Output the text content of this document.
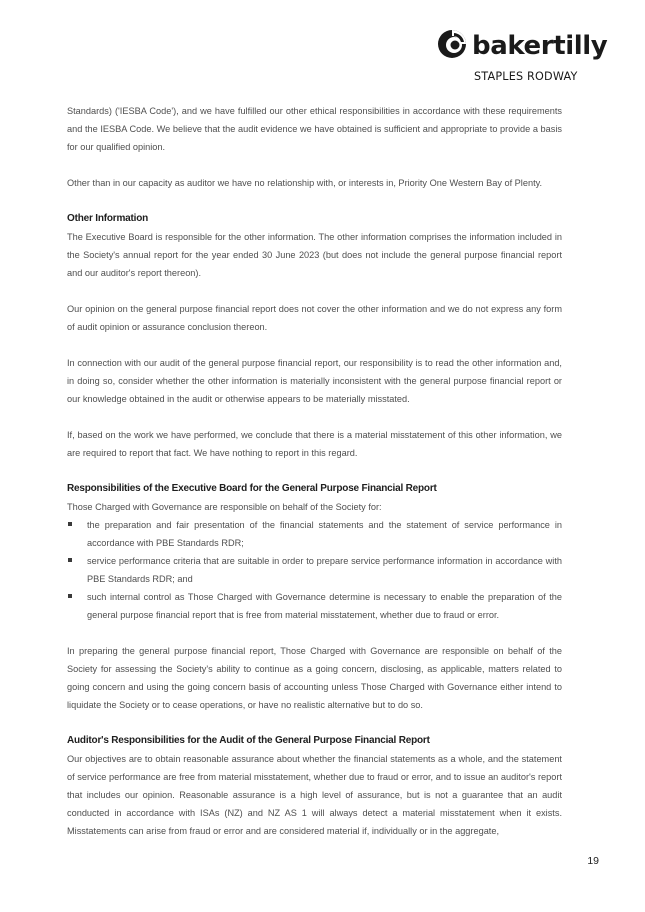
bakertilly
STAPLES RODWAY

Standards) ('IESBA Code'), and we have fulfilled our other ethical responsibilities in accordance with these requirements and the IESBA Code. We believe that the audit evidence we have obtained is sufficient and appropriate to provide a basis for our qualified opinion.

Other than in our capacity as auditor we have no relationship with, or interests in, Priority One Western Bay of Plenty.

Other Information

The Executive Board is responsible for the other information. The other information comprises the information included in the Society's annual report for the year ended 30 June 2023 (but does not include the general purpose financial report and our auditor's report thereon).

Our opinion on the general purpose financial report does not cover the other information and we do not express any form of audit opinion or assurance conclusion thereon.

In connection with our audit of the general purpose financial report, our responsibility is to read the other information and, in doing so, consider whether the other information is materially inconsistent with the general purpose financial report or our knowledge obtained in the audit or otherwise appears to be materially misstated.

If, based on the work we have performed, we conclude that there is a material misstatement of this other information, we are required to report that fact. We have nothing to report in this regard.

Responsibilities of the Executive Board for the General Purpose Financial Report

Those Charged with Governance are responsible on behalf of the Society for:

the preparation and fair presentation of the financial statements and the statement of service performance in accordance with PBE Standards RDR;

service performance criteria that are suitable in order to prepare service performance information in accordance with PBE Standards RDR; and

such internal control as Those Charged with Governance determine is necessary to enable the preparation of the general purpose financial report that is free from material misstatement, whether due to fraud or error.

In preparing the general purpose financial report, Those Charged with Governance are responsible on behalf of the Society for assessing the Society's ability to continue as a going concern, disclosing, as applicable, matters related to going concern and using the going concern basis of accounting unless Those Charged with Governance either intend to liquidate the Society or to cease operations, or have no realistic alternative but to do so.

Auditor's Responsibilities for the Audit of the General Purpose Financial Report

Our objectives are to obtain reasonable assurance about whether the financial statements as a whole, and the statement of service performance are free from material misstatement, whether due to fraud or error, and to issue an auditor's report that includes our opinion. Reasonable assurance is a high level of assurance, but is not a guarantee that an audit conducted in accordance with ISAs (NZ) and NZ AS 1 will always detect a material misstatement when it exists. Misstatements can arise from fraud or error and are considered material if, individually or in the aggregate,

19
